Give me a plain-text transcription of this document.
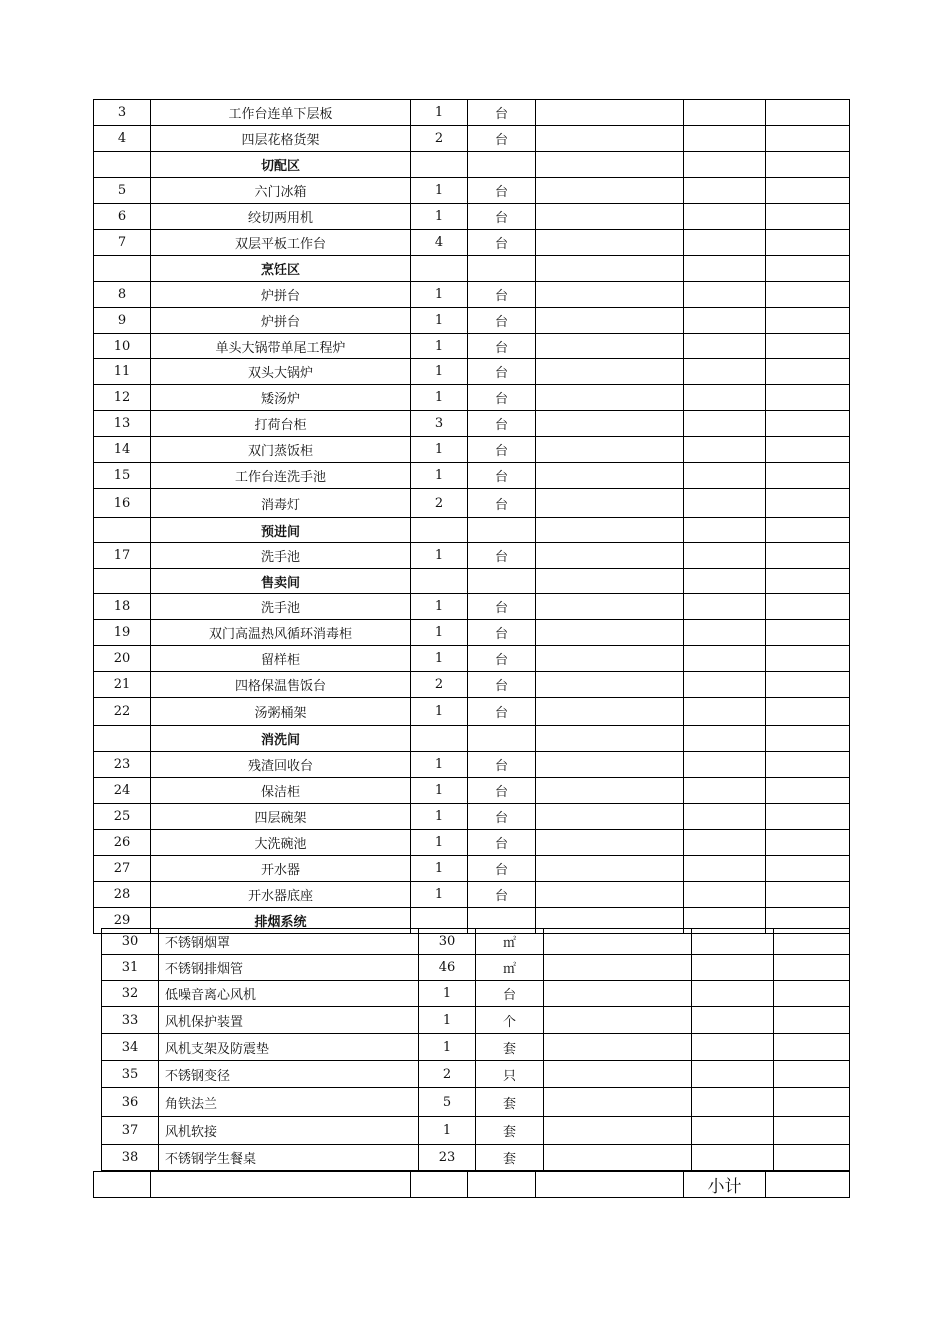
3	工作台连单下层板	1	台			
4	四层花格货架	2	台			
	切配区					
5	六门冰箱	1	台			
6	绞切两用机	1	台			
7	双层平板工作台	4	台			
	烹饪区					
8	炉拼台	1	台			
9	炉拼台	1	台			
10	单头大锅带单尾工程炉	1	台			
11	双头大锅炉	1	台			
12	矮汤炉	1	台			
13	打荷台柜	3	台			
14	双门蒸饭柜	1	台			
15	工作台连洗手池	1	台			
16	消毒灯	2	台			
	预进间					
17	洗手池	1	台			
	售卖间					
18	洗手池	1	台			
19	双门高温热风循环消毒柜	1	台			
20	留样柜	1	台			
21	四格保温售饭台	2	台			
22	汤粥桶架	1	台			
	消洗间					
23	残渣回收台	1	台			
24	保洁柜	1	台			
25	四层碗架	1	台			
26	大洗碗池	1	台			
27	开水器	1	台			
28	开水器底座	1	台			
29	排烟系统					
30	不锈钢烟罩	30	㎡			
31	不锈钢排烟管	46	㎡			
32	低噪音离心风机	1	台			
33	风机保护装置	1	个			
34	风机支架及防震垫	1	套			
35	不锈钢变径	2	只			
36	角铁法兰	5	套			
37	风机软接	1	套			
38	不锈钢学生餐桌	23	套			
					小计	
